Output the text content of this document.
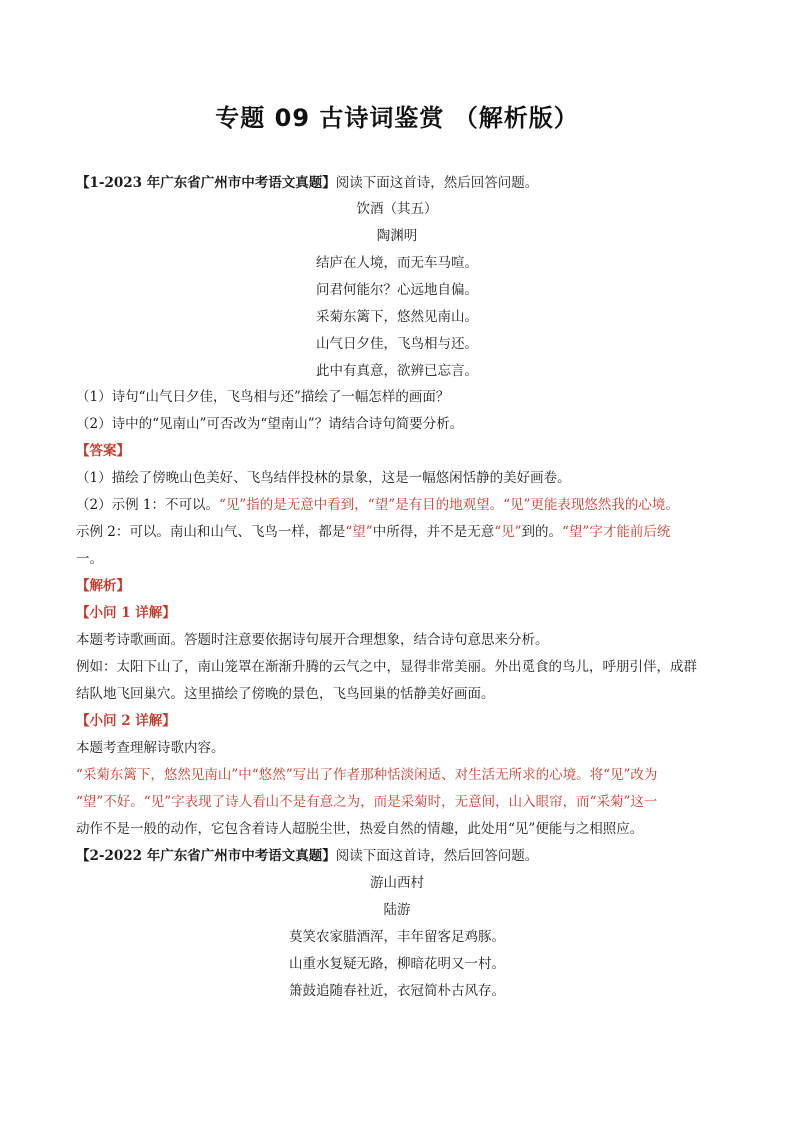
专题 09 古诗词鉴赏 （解析版）
【1-2023 年广东省广州市中考语文真题】阅读下面这首诗，然后回答问题。
饮酒（其五）
陶渊明
结庐在人境，而无车马喧。
问君何能尔？心远地自偏。
采菊东篱下，悠然见南山。
山气日夕佳，飞鸟相与还。
此中有真意，欲辨已忘言。
（1）诗句“山气日夕佳，飞鸟相与还”描绘了一幅怎样的画面？
（2）诗中的“见南山”可否改为“望南山”？请结合诗句简要分析。
【答案】
（1）描绘了傍晚山色美好、飞鸟结伴投林的景象，这是一幅悠闲恬静的美好画卷。
（2）示例 1：不可以。“见”指的是无意中看到，“望”是有目的地观望。“见”更能表现悠然我的心境。
示例 2：可以。南山和山气、飞鸟一样，都是“望”中所得，并不是无意“见”到的。“望”字才能前后统
一。
【解析】
【小问 1 详解】
本题考诗歌画面。答题时注意要依据诗句展开合理想象，结合诗句意思来分析。
例如：太阳下山了，南山笼罩在渐渐升腾的云气之中，显得非常美丽。外出觅食的鸟儿，呼朋引伴，成群
结队地飞回巢穴。这里描绘了傍晚的景色，飞鸟回巢的恬静美好画面。
【小问 2 详解】
本题考查理解诗歌内容。
“采菊东篱下，悠然见南山”中“悠然”写出了作者那种恬淡闲适、对生活无所求的心境。将“见”改为
“望”不好。“见”字表现了诗人看山不是有意之为，而是采菊时，无意间，山入眼帘，而“采菊”这一
动作不是一般的动作，它包含着诗人超脱尘世，热爱自然的情趣，此处用“见”便能与之相照应。
【2-2022 年广东省广州市中考语文真题】阅读下面这首诗，然后回答问题。
游山西村
陆游
莫笑农家腊酒浑，丰年留客足鸡豚。
山重水复疑无路，柳暗花明又一村。
箫鼓追随春社近，衣冠简朴古风存。
